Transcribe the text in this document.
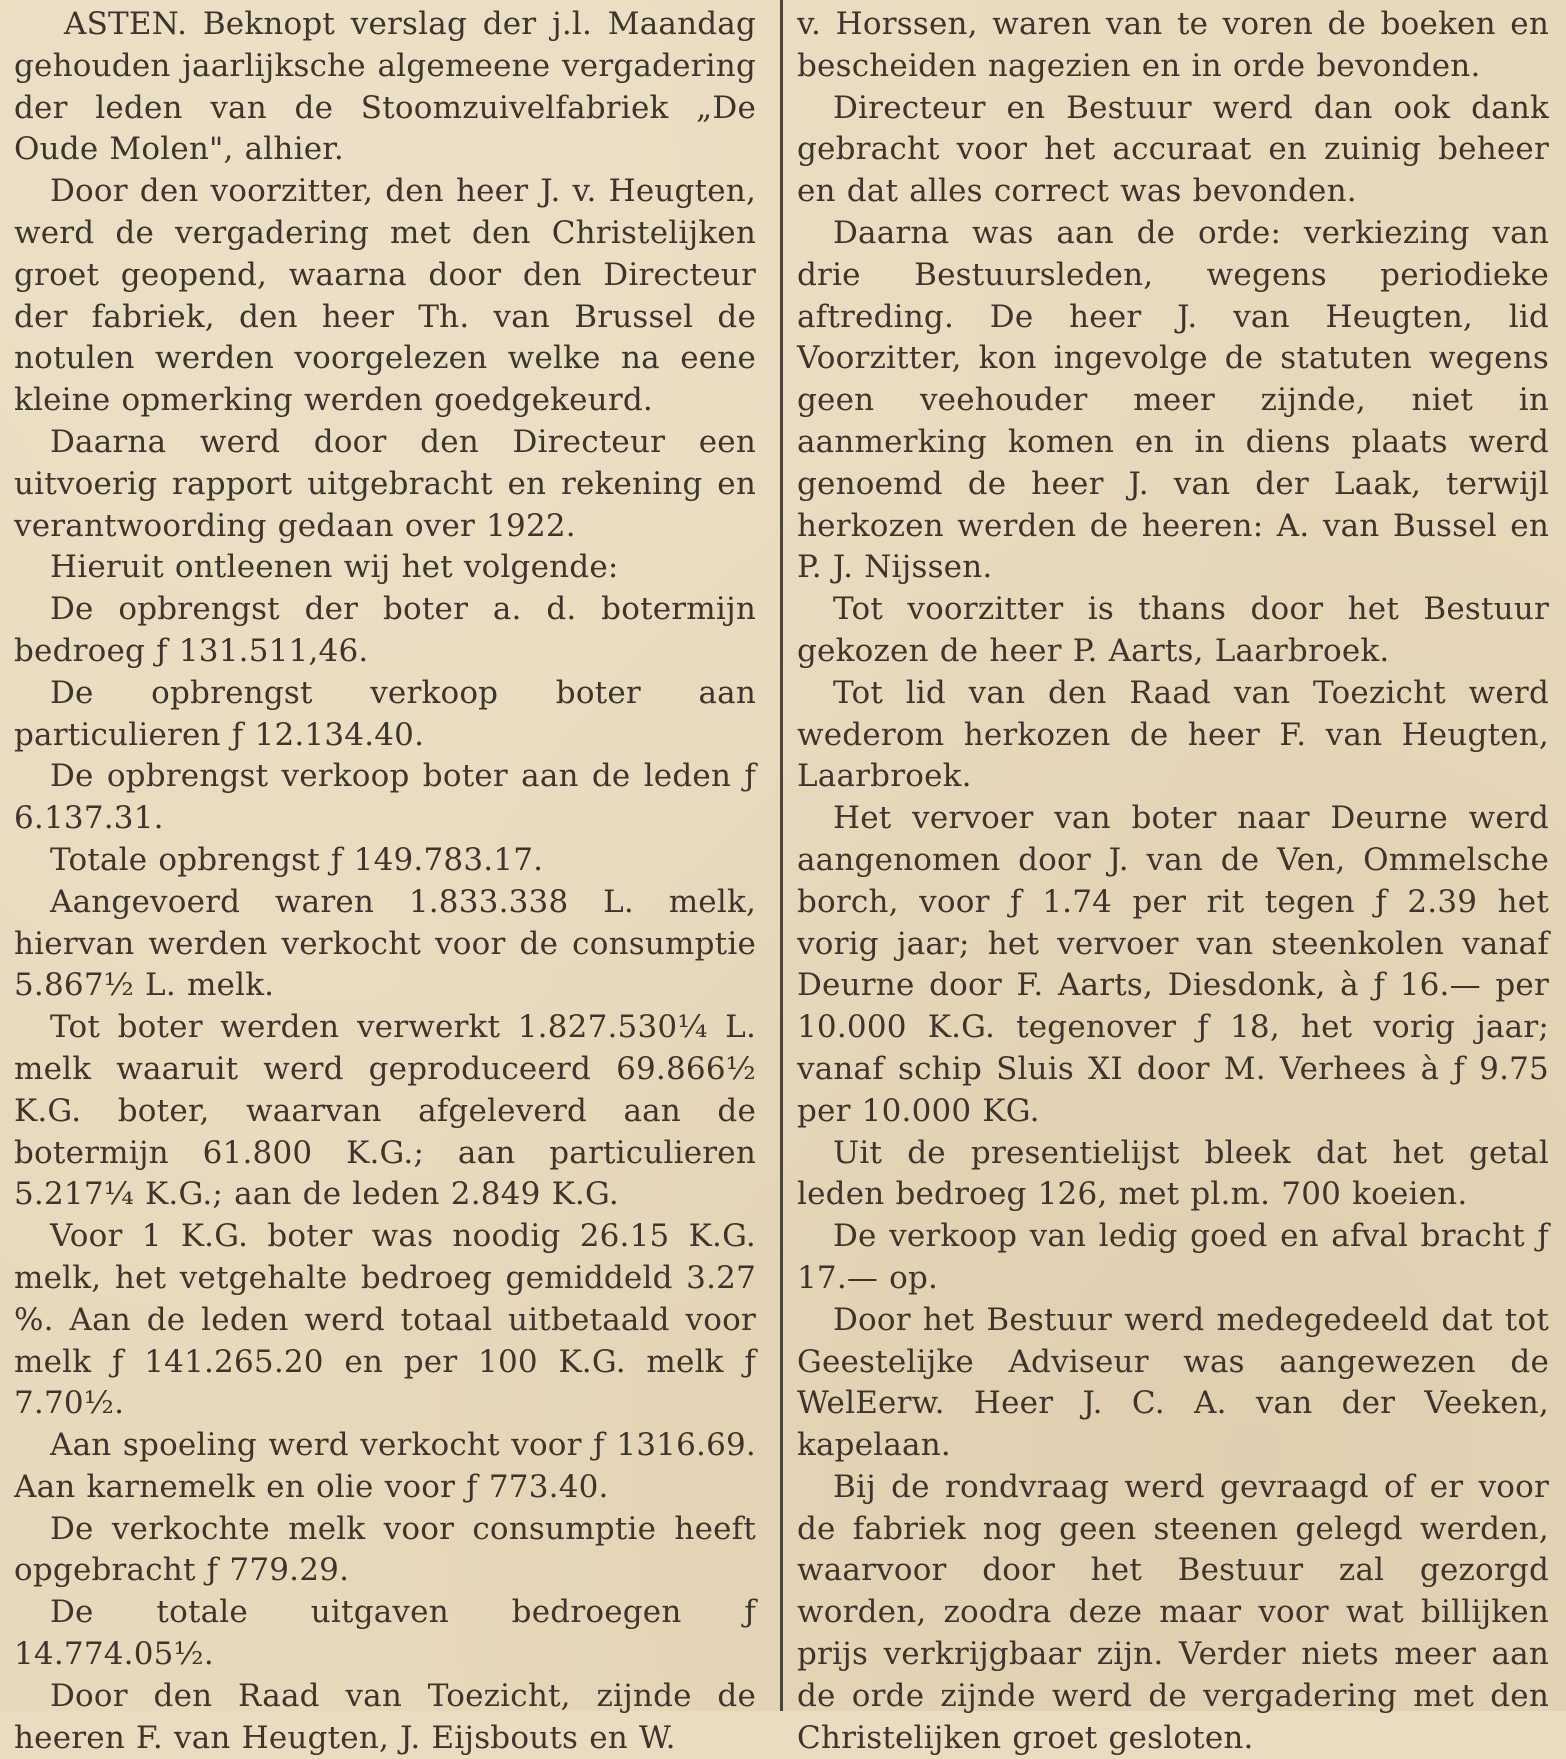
ASTEN. Beknopt verslag der j.l. Maandag gehouden jaarlijksche algemeene vergadering der leden van de Stoomzuivelfabriek „De Oude Molen", alhier.

Door den voorzitter, den heer J. v. Heugten, werd de vergadering met den Christelijken groet geopend, waarna door den Directeur der fabriek, den heer Th. van Brussel de notulen werden voorgelezen welke na eene kleine opmerking werden goedgekeurd.

Daarna werd door den Directeur een uitvoerig rapport uitgebracht en rekening en verantwoording gedaan over 1922.

Hieruit ontleenen wij het volgende:

De opbrengst der boter a. d. botermijn bedroeg ƒ 131.511,46.

De opbrengst verkoop boter aan particulieren ƒ 12.134.40.

De opbrengst verkoop boter aan de leden ƒ 6.137.31.

Totale opbrengst ƒ 149.783.17.

Aangevoerd waren 1.833.338 L. melk, hiervan werden verkocht voor de consumptie 5.867½ L. melk.

Tot boter werden verwerkt 1.827.530¼ L. melk waaruit werd geproduceerd 69.866½ K.G. boter, waarvan afgeleverd aan de botermijn 61.800 K.G.; aan particulieren 5.217¼ K.G.; aan de leden 2.849 K.G.

Voor 1 K.G. boter was noodig 26.15 K.G. melk, het vetgehalte bedroeg gemiddeld 3.27 %. Aan de leden werd totaal uitbetaald voor melk ƒ 141.265.20 en per 100 K.G. melk ƒ 7.70½.

Aan spoeling werd verkocht voor ƒ 1316.69. Aan karnemelk en olie voor ƒ 773.40.

De verkochte melk voor consumptie heeft opgebracht ƒ 779.29.

De totale uitgaven bedroegen ƒ 14.774.05½.

Door den Raad van Toezicht, zijnde de heeren F. van Heugten, J. Eijsbouts en W.

v. Horssen, waren van te voren de boeken en bescheiden nagezien en in orde bevonden.

Directeur en Bestuur werd dan ook dank gebracht voor het accuraat en zuinig beheer en dat alles correct was bevonden.

Daarna was aan de orde: verkiezing van drie Bestuursleden, wegens periodieke aftreding. De heer J. van Heugten, lid Voorzitter, kon ingevolge de statuten wegens geen veehouder meer zijnde, niet in aanmerking komen en in diens plaats werd genoemd de heer J. van der Laak, terwijl herkozen werden de heeren: A. van Bussel en P. J. Nijssen.

Tot voorzitter is thans door het Bestuur gekozen de heer P. Aarts, Laarbroek.

Tot lid van den Raad van Toezicht werd wederom herkozen de heer F. van Heugten, Laarbroek.

Het vervoer van boter naar Deurne werd aangenomen door J. van de Ven, Ommelsche borch, voor ƒ 1.74 per rit tegen ƒ 2.39 het vorig jaar; het vervoer van steenkolen vanaf Deurne door F. Aarts, Diesdonk, à ƒ 16.— per 10.000 K.G. tegenover ƒ 18, het vorig jaar; vanaf schip Sluis XI door M. Verhees à ƒ 9.75 per 10.000 KG.

Uit de presentielijst bleek dat het getal leden bedroeg 126, met pl.m. 700 koeien.

De verkoop van ledig goed en afval bracht ƒ 17.— op.

Door het Bestuur werd medegedeeld dat tot Geestelijke Adviseur was aangewezen de WelEerw. Heer J. C. A. van der Veeken, kapelaan.

Bij de rondvraag werd gevraagd of er voor de fabriek nog geen steenen gelegd werden, waarvoor door het Bestuur zal gezorgd worden, zoodra deze maar voor wat billijken prijs verkrijgbaar zijn. Verder niets meer aan de orde zijnde werd de vergadering met den Christelijken groet gesloten.
